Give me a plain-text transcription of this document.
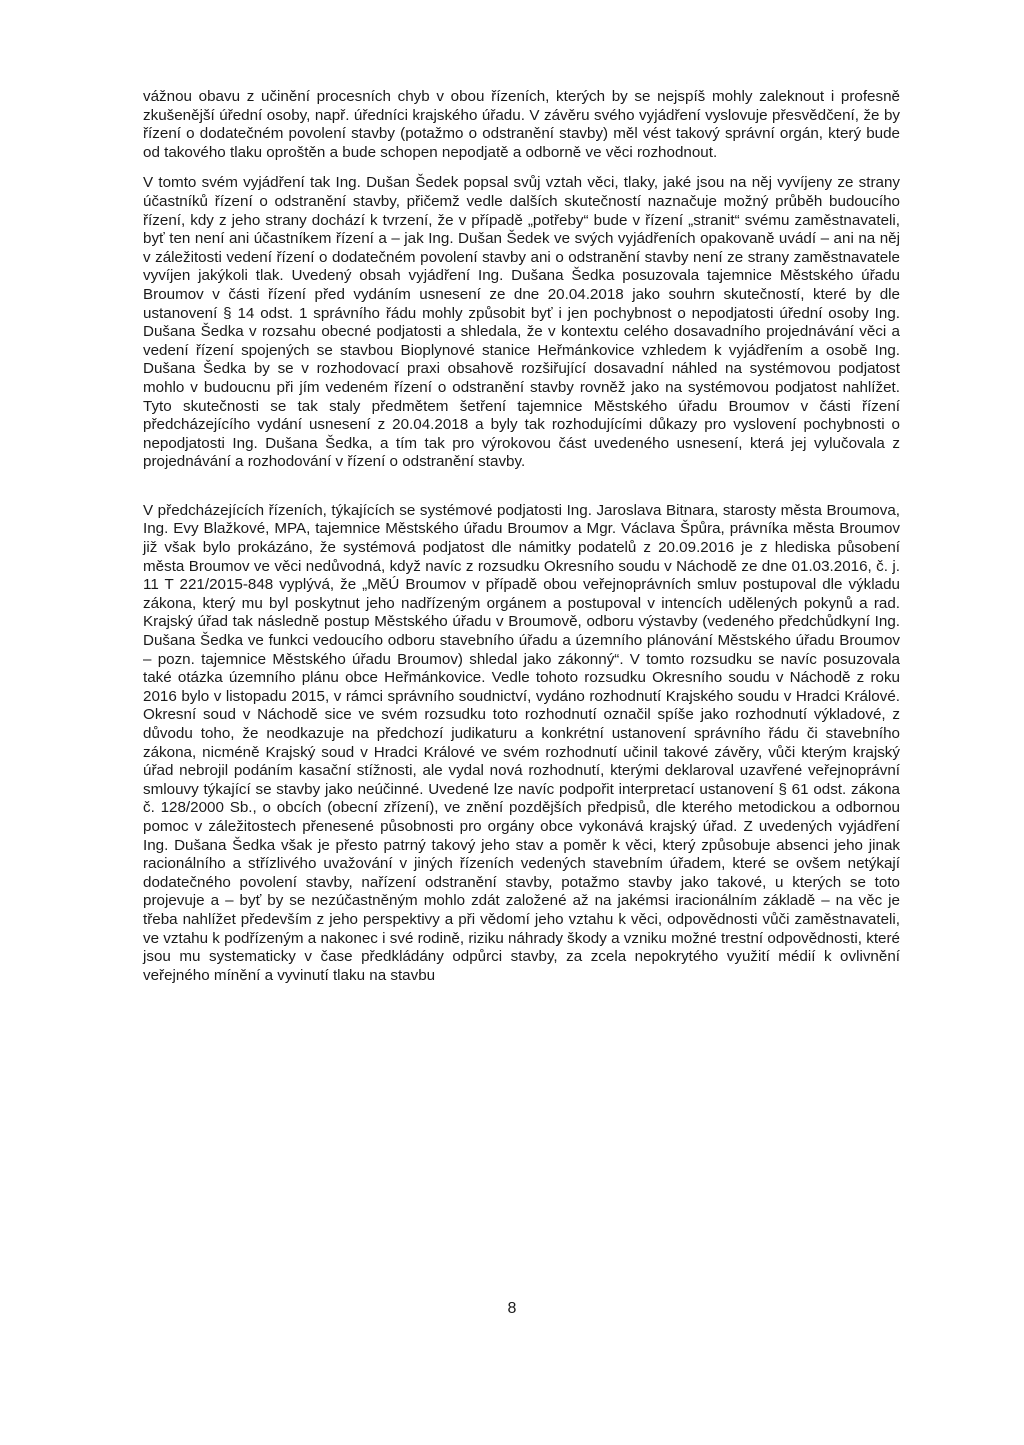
vážnou obavu z učinění procesních chyb v obou řízeních, kterých by se nejspíš mohly zaleknout i profesně zkušenější úřední osoby, např. úředníci krajského úřadu. V závěru svého vyjádření vyslovuje přesvědčení, že by řízení o dodatečném povolení stavby (potažmo o odstranění stavby) měl vést takový správní orgán, který bude od takového tlaku oproštěn a bude schopen nepodjatě a odborně ve věci rozhodnout.

V tomto svém vyjádření tak Ing. Dušan Šedek popsal svůj vztah věci, tlaky, jaké jsou na něj vyvíjeny ze strany účastníků řízení o odstranění stavby, přičemž vedle dalších skutečností naznačuje možný průběh budoucího řízení, kdy z jeho strany dochází k tvrzení, že v případě „potřeby“ bude v řízení „stranit“ svému zaměstnavateli, byť ten není ani účastníkem řízení a – jak Ing. Dušan Šedek ve svých vyjádřeních opakovaně uvádí – ani na něj v záležitosti vedení řízení o dodatečném povolení stavby ani o odstranění stavby není ze strany zaměstnavatele vyvíjen jakýkoli tlak. Uvedený obsah vyjádření Ing. Dušana Šedka posuzovala tajemnice Městského úřadu Broumov v části řízení před vydáním usnesení ze dne 20.04.2018 jako souhrn skutečností, které by dle ustanovení § 14 odst. 1 správního řádu mohly způsobit byť i jen pochybnost o nepodjatosti úřední osoby Ing. Dušana Šedka v rozsahu obecné podjatosti a shledala, že v kontextu celého dosavadního projednávání věci a vedení řízení spojených se stavbou Bioplynové stanice Heřmánkovice vzhledem k vyjádřením a osobě Ing. Dušana Šedka by se v rozhodovací praxi obsahově rozšiřující dosavadní náhled na systémovou podjatost mohlo v budoucnu při jím vedeném řízení o odstranění stavby rovněž jako na systémovou podjatost nahlížet. Tyto skutečnosti se tak staly předmětem šetření tajemnice Městského úřadu Broumov v části řízení předcházejícího vydání usnesení z 20.04.2018 a byly tak rozhodujícími důkazy pro vyslovení pochybnosti o nepodjatosti Ing. Dušana Šedka, a tím tak pro výrokovou část uvedeného usnesení, která jej vylučovala z projednávání a rozhodování v řízení o odstranění stavby.

V předcházejících řízeních, týkajících se systémové podjatosti Ing. Jaroslava Bitnara, starosty města Broumova, Ing. Evy Blažkové, MPA, tajemnice Městského úřadu Broumov a Mgr. Václava Špůra, právníka města Broumov již však bylo prokázáno, že systémová podjatost dle námitky podatelů z 20.09.2016 je z hlediska působení města Broumov ve věci nedůvodná, když navíc z rozsudku Okresního soudu v Náchodě ze dne 01.03.2016, č. j. 11 T 221/2015-848 vyplývá, že „MěÚ Broumov v případě obou veřejnoprávních smluv postupoval dle výkladu zákona, který mu byl poskytnut jeho nadřízeným orgánem a postupoval v intencích udělených pokynů a rad. Krajský úřad tak následně postup Městského úřadu v Broumově, odboru výstavby (vedeného předchůdkyní Ing. Dušana Šedka ve funkci vedoucího odboru stavebního úřadu a územního plánování Městského úřadu Broumov – pozn. tajemnice Městského úřadu Broumov) shledal jako zákonný“. V tomto rozsudku se navíc posuzovala také otázka územního plánu obce Heřmánkovice. Vedle tohoto rozsudku Okresního soudu v Náchodě z roku 2016 bylo v listopadu 2015, v rámci správního soudnictví, vydáno rozhodnutí Krajského soudu v Hradci Králové. Okresní soud v Náchodě sice ve svém rozsudku toto rozhodnutí označil spíše jako rozhodnutí výkladové, z důvodu toho, že neodkazuje na předchozí judikaturu a konkrétní ustanovení správního řádu či stavebního zákona, nicméně Krajský soud v Hradci Králové ve svém rozhodnutí učinil takové závěry, vůči kterým krajský úřad nebrojil podáním kasační stížnosti, ale vydal nová rozhodnutí, kterými deklaroval uzavřené veřejnoprávní smlouvy týkající se stavby jako neúčinné. Uvedené lze navíc podpořit interpretací ustanovení § 61 odst. zákona č. 128/2000 Sb., o obcích (obecní zřízení), ve znění pozdějších předpisů, dle kterého metodickou a odbornou pomoc v záležitostech přenesené působnosti pro orgány obce vykonává krajský úřad. Z uvedených vyjádření Ing. Dušana Šedka však je přesto patrný takový jeho stav a poměr k věci, který způsobuje absenci jeho jinak racionálního a střízlivého uvažování v jiných řízeních vedených stavebním úřadem, které se ovšem netýkají dodatečného povolení stavby, nařízení odstranění stavby, potažmo stavby jako takové, u kterých se toto projevuje a – byť by se nezúčastněným mohlo zdát založené až na jakémsi iracionálním základě – na věc je třeba nahlížet především z jeho perspektivy a při vědomí jeho vztahu k věci, odpovědnosti vůči zaměstnavateli, ve vztahu k podřízeným a nakonec i své rodině, riziku náhrady škody a vzniku možné trestní odpovědnosti, které jsou mu systematicky v čase předkládány odpůrci stavby, za zcela nepokrytého využití médií k ovlivnění veřejného mínění a vyvinutí tlaku na stavbu

8
